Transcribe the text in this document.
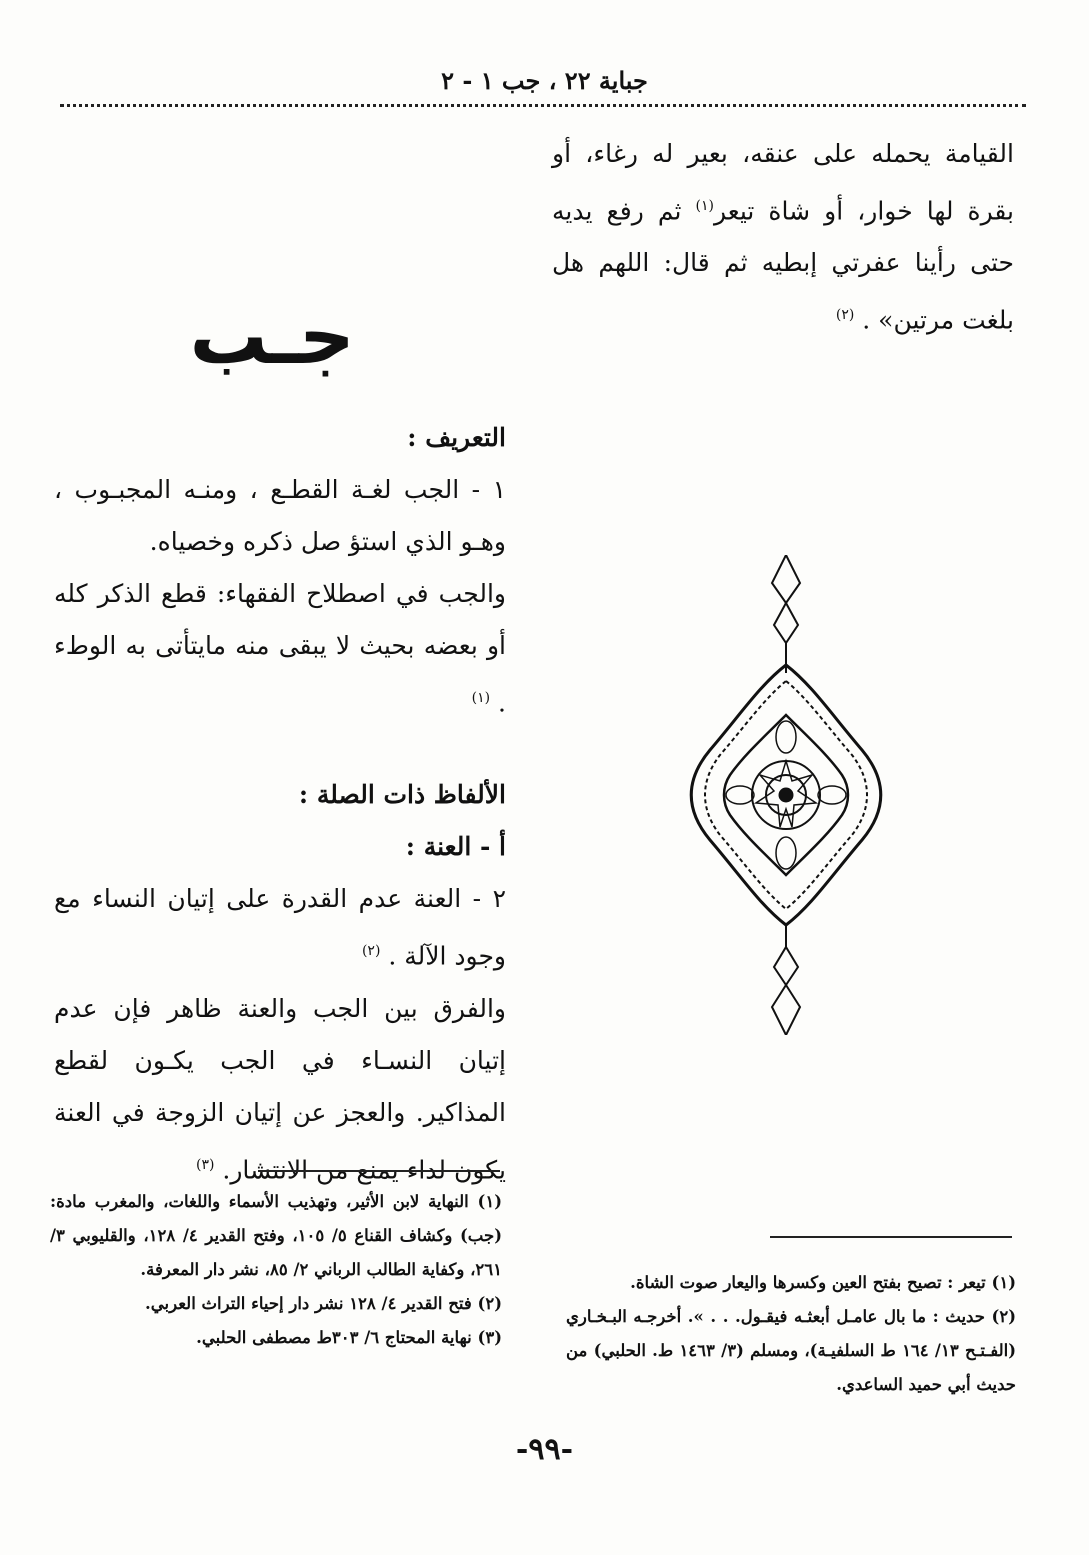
جباية ٢٢ ، جب ١ - ٢
القيامة يحمله على عنقه، بعير له رغاء، أو بقرة لها خوار، أو شاة تيعر$^{(١)}$ ثم رفع يديه حتى رأينا عفرتي إبطيه ثم قال: اللهم هل بلغت مرتين» . $^{(٢)}$
جـب
التعريف :

١ - الجب لغـة القطـع ، ومنـه المجبـوب ، وهـو الذي استؤ صل ذكره وخصياه.

والجب في اصطلاح الفقهاء: قطع الذكر كله أو بعضه بحيث لا يبقى منه مايتأتى به الوطء . $^{(١)}$

الألفاظ ذات الصلة :
أ - العنة :

٢ - العنة عدم القدرة على إتيان النساء مع وجود الآلة . $^{(٢)}$

والفرق بين الجب والعنة ظاهر فإن عدم إتيان النسـاء في الجب يكـون لقطع المذاكير. والعجز عن إتيان الزوجة في العنة يكون لداء يمنع من الانتشار. $^{(٣)}$

(١) النهاية لابن الأثير، وتهذيب الأسماء واللغات، والمغرب مادة: (جب) وكشاف القناع ٥/ ١٠٥، وفتح القدير ٤/ ١٢٨، والقليوبي ٣/ ٢٦١، وكفاية الطالب الرباني ٢/ ٨٥، نشر دار المعرفة.

(٢) فتح القدير ٤/ ١٢٨ نشر دار إحياء التراث العربي.

(٣) نهاية المحتاج ٦/ ٣٠٣ط مصطفى الحلبي.

(١) تيعر : تصيح بفتح العين وكسرها واليعار صوت الشاة.

(٢) حديث : ما بال عامـل أبعثـه فيقـول. . . ». أخرجـه البـخـاري (الفـتـح ١٣/ ١٦٤ ط السلفيـة)، ومسلم (٣/ ١٤٦٣ ط. الحلبي) من حديث أبي حميد الساعدي.

-٩٩-
